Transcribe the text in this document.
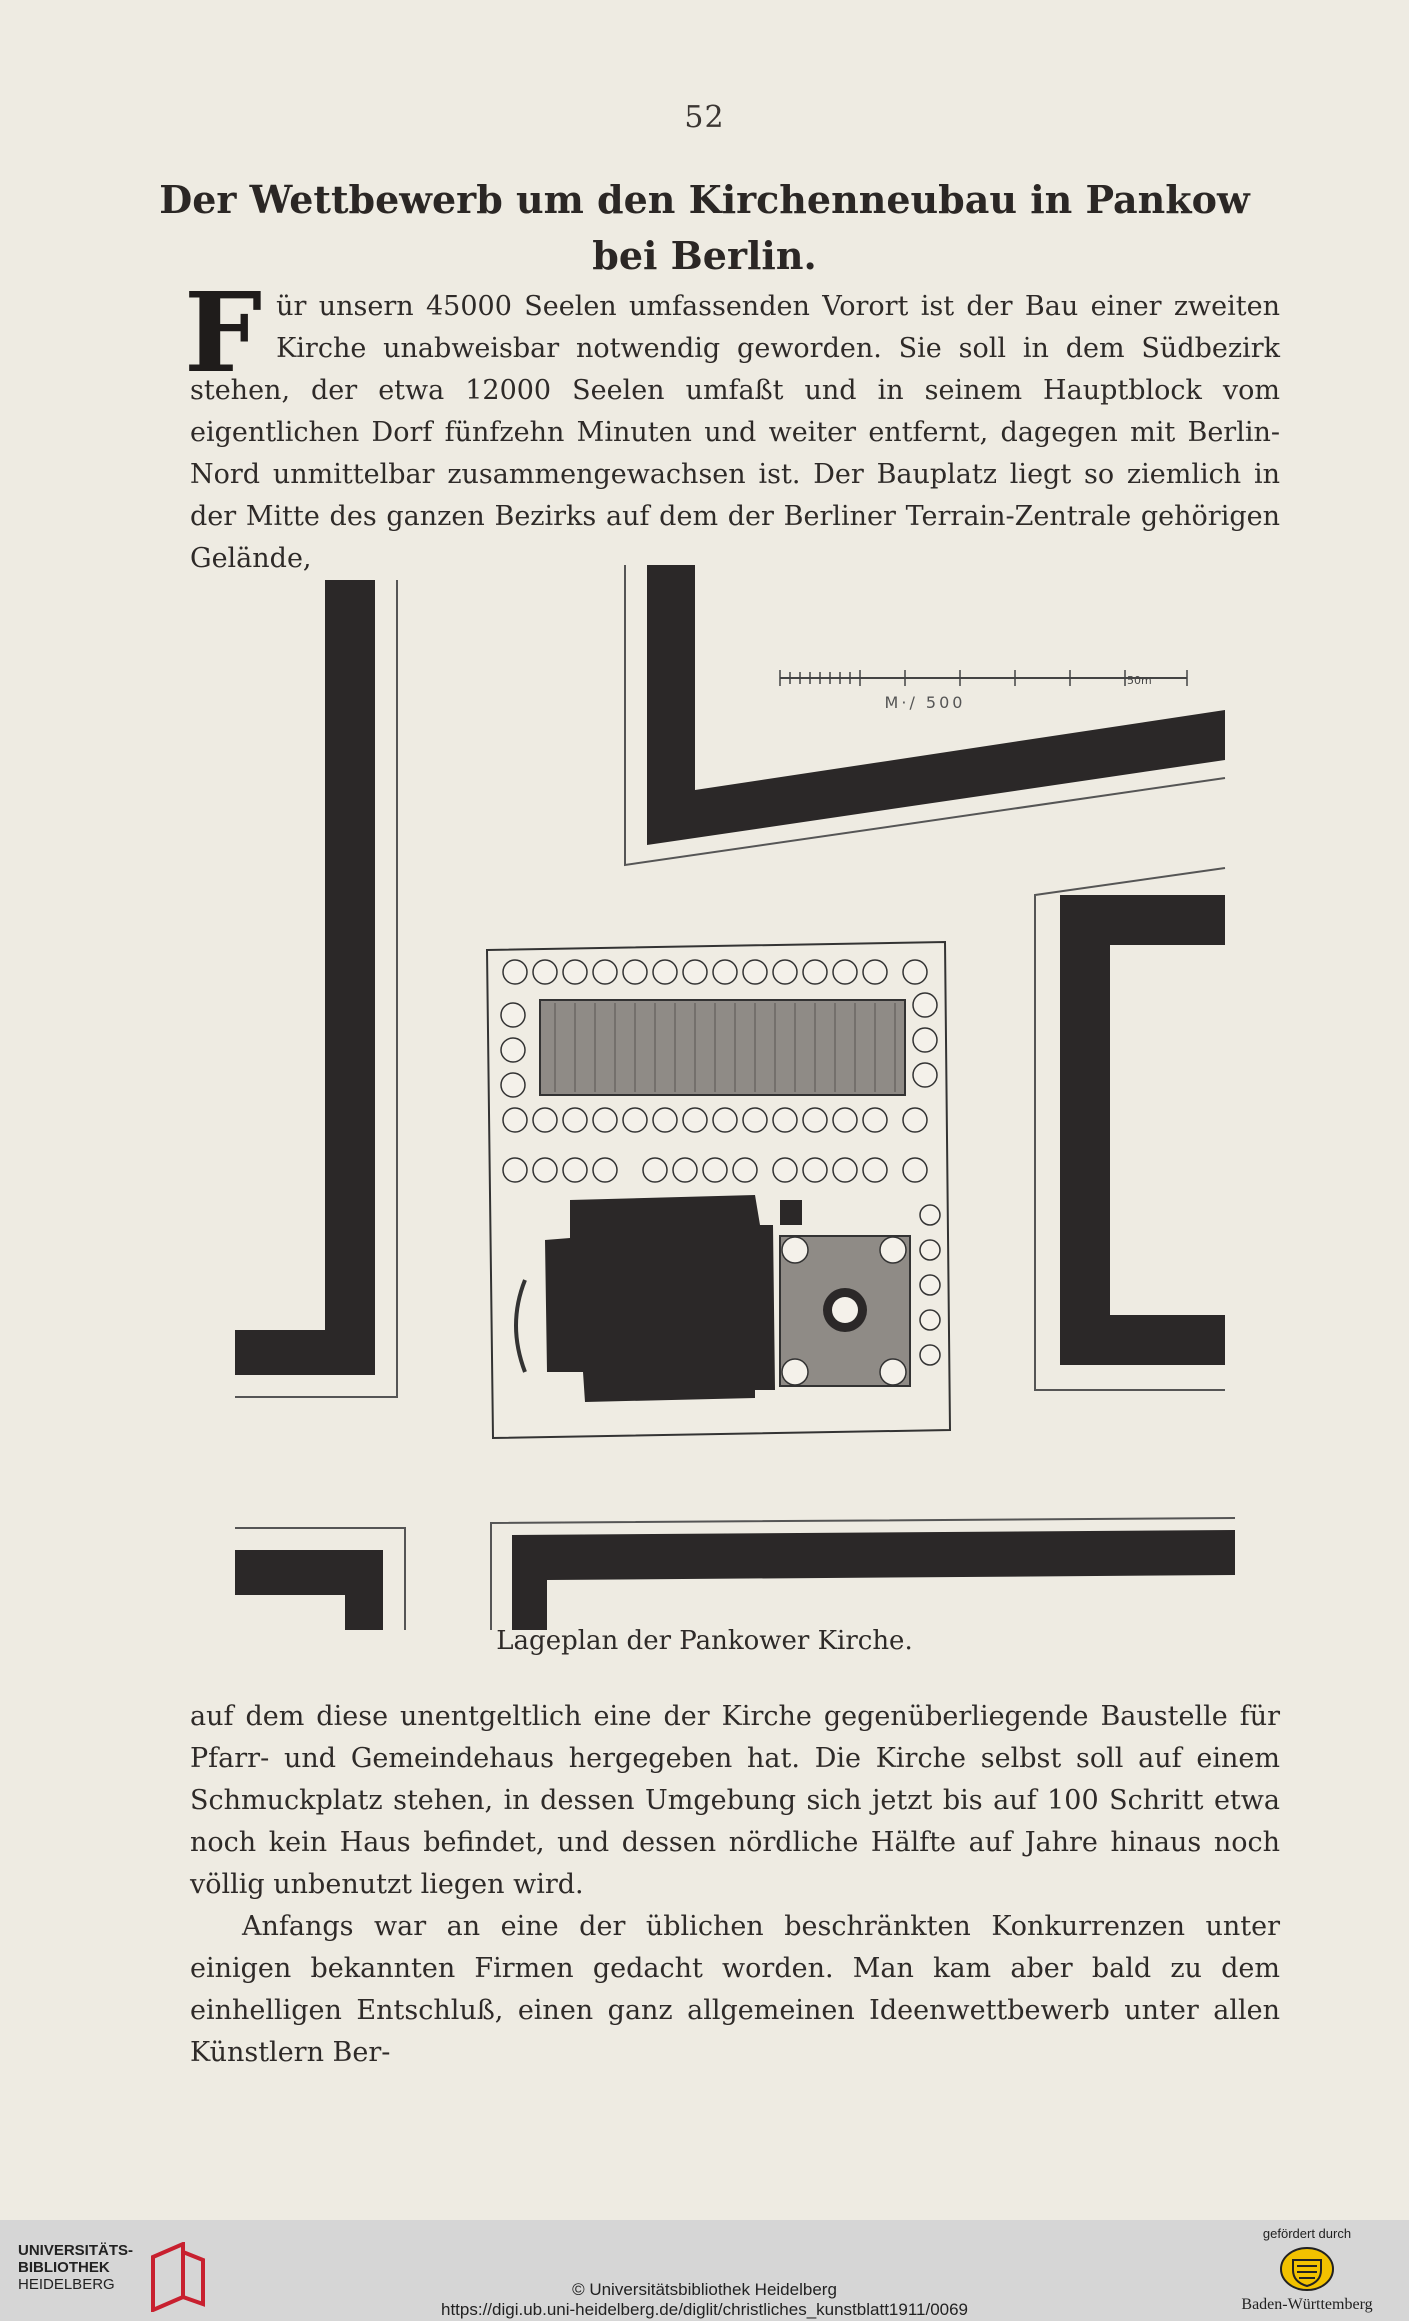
52
Der Wettbewerb um den Kirchenneubau in Pankow
bei Berlin.

Für unsern 45000 Seelen umfassenden Vorort ist der Bau einer zweiten Kirche unabweisbar notwendig geworden. Sie soll in dem Südbezirk stehen, der etwa 12000 Seelen umfaßt und in seinem Hauptblock vom eigentlichen Dorf fünfzehn Minuten und weiter entfernt, dagegen mit Berlin-Nord unmittelbar zusammengewachsen ist. Der Bauplatz liegt so ziemlich in der Mitte des ganzen Bezirks auf dem der Berliner Terrain-Zentrale gehörigen Gelände,

50m
M·/ 500
Lageplan der Pankower Kirche.

auf dem diese unentgeltlich eine der Kirche gegenüberliegende Baustelle für Pfarr- und Gemeindehaus hergegeben hat. Die Kirche selbst soll auf einem Schmuckplatz stehen, in dessen Umgebung sich jetzt bis auf 100 Schritt etwa noch kein Haus befindet, und dessen nördliche Hälfte auf Jahre hinaus noch völlig unbenutzt liegen wird.

Anfangs war an eine der üblichen beschränkten Konkurrenzen unter einigen bekannten Firmen gedacht worden. Man kam aber bald zu dem einhelligen Entschluß, einen ganz allgemeinen Ideenwettbewerb unter allen Künstlern Ber-

UNIVERSITÄTS-
BIBLIOTHEK
HEIDELBERG	© Universitätsbibliothek Heidelberg
https://digi.ub.uni-heidelberg.de/diglit/christliches_kunstblatt1911/0069
gefördert durch
Baden-Württemberg
